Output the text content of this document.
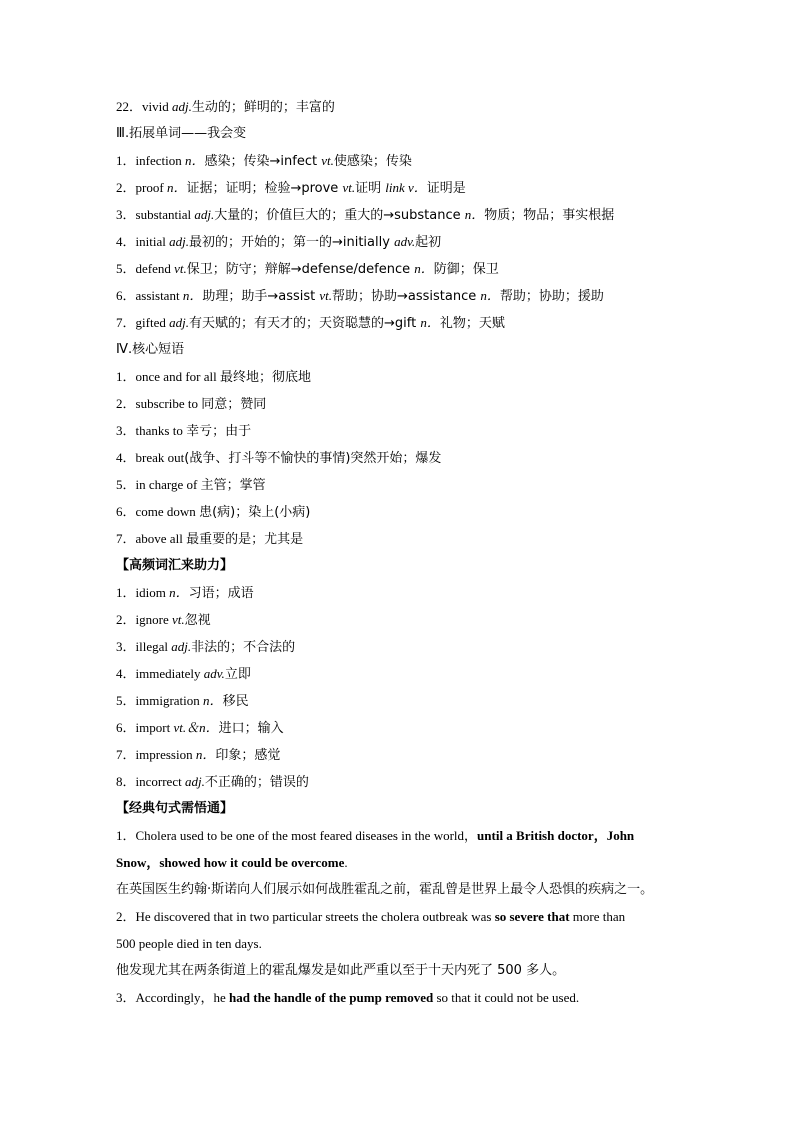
22．vivid adj.生动的；鲜明的；丰富的
Ⅲ.拓展单词——我会变
1．infection n．感染；传染→infect vt.使感染；传染
2．proof n．证据；证明；检验→prove vt.证明 link v．证明是
3．substantial adj.大量的；价值巨大的；重大的→substance n．物质；物品；事实根据
4．initial adj.最初的；开始的；第一的→initially adv.起初
5．defend vt.保卫；防守；辩解→defense/defence n．防御；保卫
6．assistant n．助理；助手→assist vt.帮助；协助→assistance n．帮助；协助；援助
7．gifted adj.有天赋的；有天才的；天资聪慧的→gift n．礼物；天赋
Ⅳ.核心短语
1．once and for all 最终地；彻底地
2．subscribe to 同意；赞同
3．thanks to 幸亏；由于
4．break out(战争、打斗等不愉快的事情)突然开始；爆发
5．in charge of 主管；掌管
6．come down 患(病)；染上(小病)
7．above all 最重要的是；尤其是
【高频词汇来助力】
1．idiom n．习语；成语
2．ignore vt.忽视
3．illegal adj.非法的；不合法的
4．immediately adv.立即
5．immigration n．移民
6．import vt.＆n．进口；输入
7．impression n．印象；感觉
8．incorrect adj.不正确的；错误的
【经典句式需悟通】
1．Cholera used to be one of the most feared diseases in the world，until a British doctor，John
Snow，showed how it could be overcome.
在英国医生约翰·斯诺向人们展示如何战胜霍乱之前，霍乱曾是世界上最令人恐惧的疾病之一。
2．He discovered that in two particular streets the cholera outbreak was so severe that more than
500 people died in ten days.
他发现尤其在两条街道上的霍乱爆发是如此严重以至于十天内死了 500 多人。
3．Accordingly，he had the handle of the pump removed so that it could not be used.
